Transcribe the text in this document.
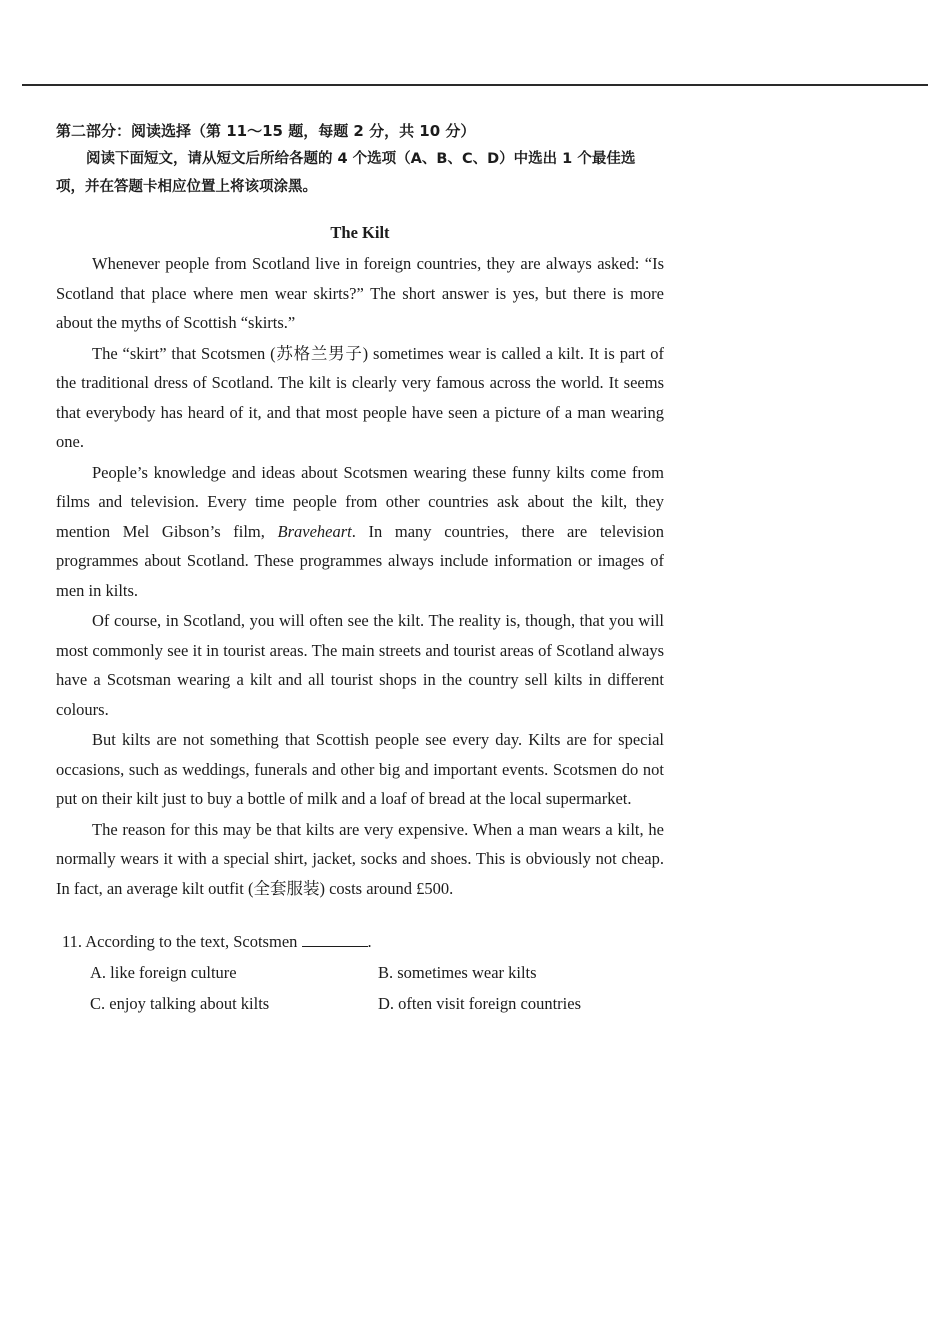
第二部分：阅读选择（第 11～15 题，每题 2 分，共 10 分）

阅读下面短文，请从短文后所给各题的 4 个选项（A、B、C、D）中选出 1 个最佳选项，并在答题卡相应位置上将该项涂黑。

The Kilt

Whenever people from Scotland live in foreign countries, they are always asked: “Is Scotland that place where men wear skirts?” The short answer is yes, but there is more about the myths of Scottish “skirts.”

The “skirt” that Scotsmen (苏格兰男子) sometimes wear is called a kilt. It is part of the traditional dress of Scotland. The kilt is clearly very famous across the world. It seems that everybody has heard of it, and that most people have seen a picture of a man wearing one.

People’s knowledge and ideas about Scotsmen wearing these funny kilts come from films and television. Every time people from other countries ask about the kilt, they mention Mel Gibson’s film, Braveheart. In many countries, there are television programmes about Scotland. These programmes always include information or images of men in kilts.

Of course, in Scotland, you will often see the kilt. The reality is, though, that you will most commonly see it in tourist areas. The main streets and tourist areas of Scotland always have a Scotsman wearing a kilt and all tourist shops in the country sell kilts in different colours.

But kilts are not something that Scottish people see every day. Kilts are for special occasions, such as weddings, funerals and other big and important events. Scotsmen do not put on their kilt just to buy a bottle of milk and a loaf of bread at the local supermarket.

The reason for this may be that kilts are very expensive. When a man wears a kilt, he normally wears it with a special shirt, jacket, socks and shoes. This is obviously not cheap. In fact, an average kilt outfit (全套服装) costs around £500.

11. According to the text, Scotsmen	.

A. like foreign culture	B. sometimes wear kilts
C. enjoy talking about kilts	D. often visit foreign countries
